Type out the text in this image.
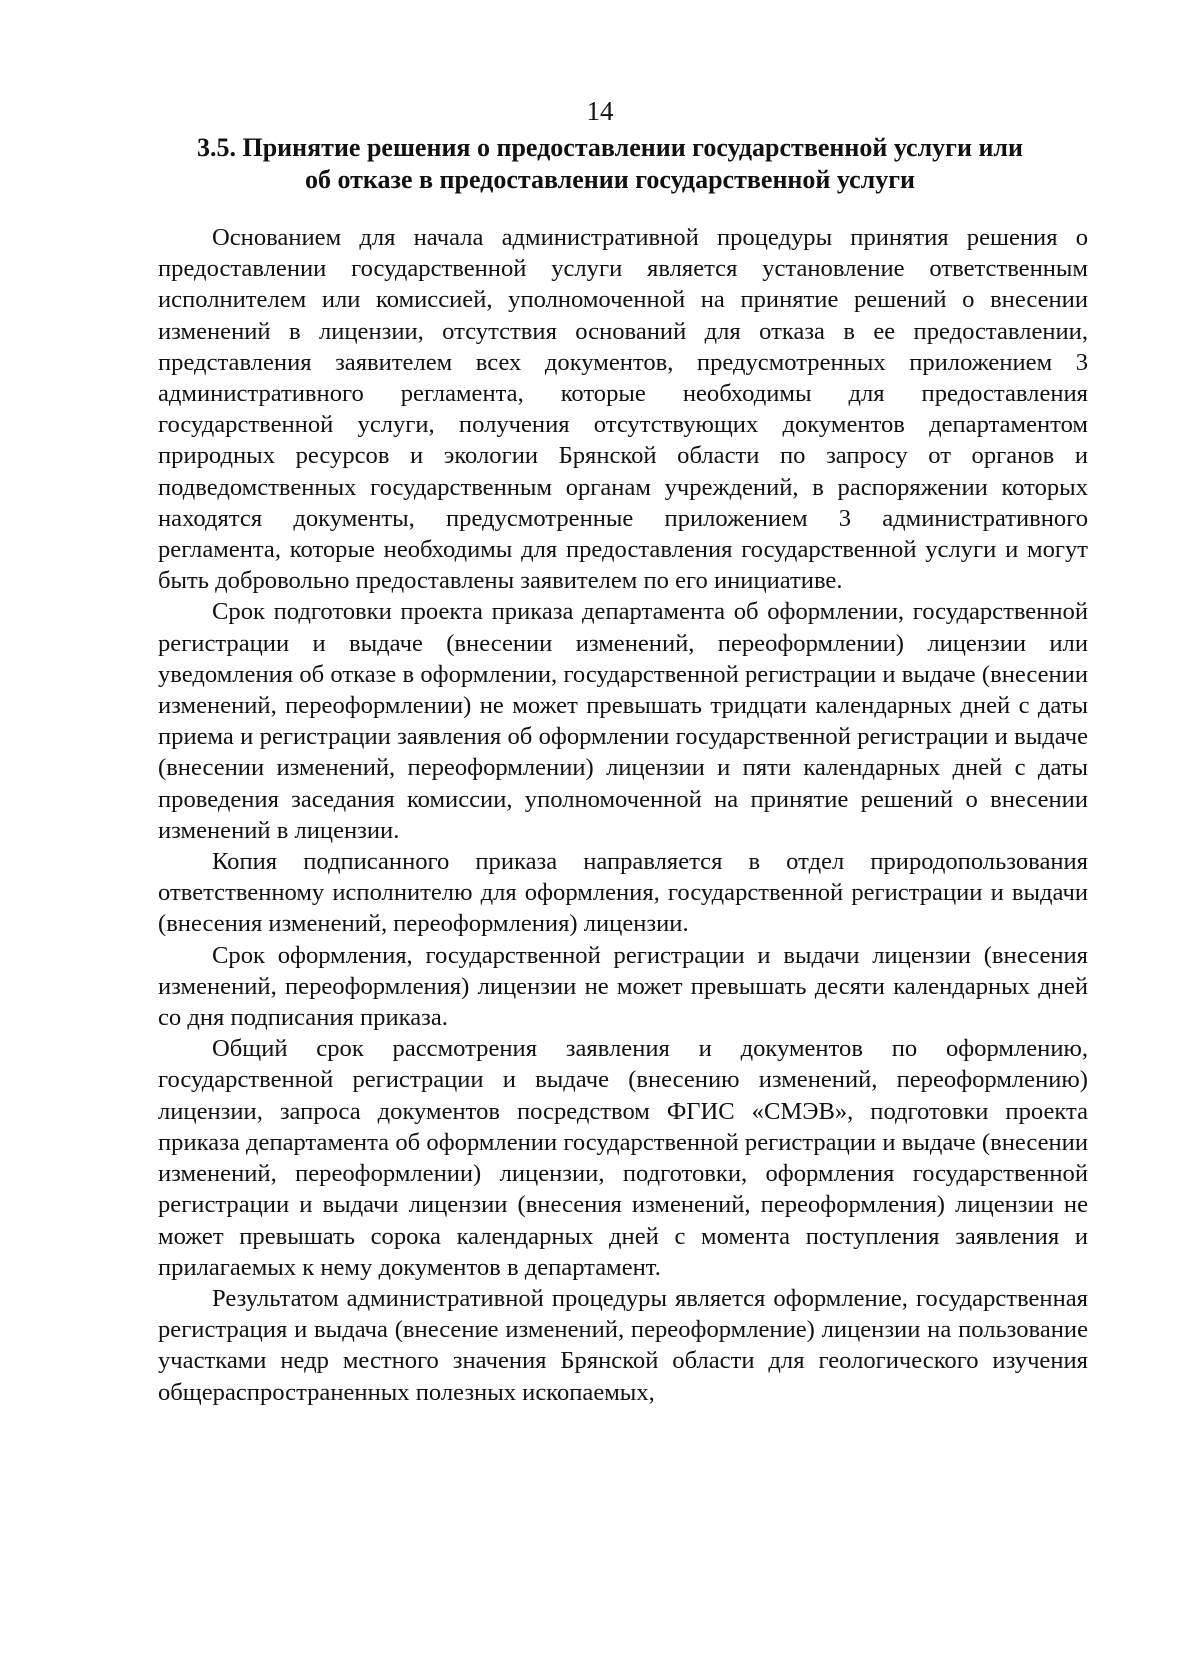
14
3.5. Принятие решения о предоставлении государственной услуги или
об отказе в предоставлении государственной услуги

Основанием для начала административной процедуры принятия решения о предоставлении государственной услуги является установление ответственным исполнителем или комиссией, уполномоченной на принятие решений о внесении изменений в лицензии, отсутствия оснований для отказа в ее предоставлении, представления заявителем всех документов, предусмотренных приложением 3 административного регламента, которые необходимы для предоставления государственной услуги, получения отсутствующих документов департаментом природных ресурсов и экологии Брянской области по запросу от органов и подведомственных государственным органам учреждений, в распоряжении которых находятся документы, предусмотренные приложением 3 административного регламента, которые необходимы для предоставления государственной услуги и могут быть добровольно предоставлены заявителем по его инициативе.

Срок подготовки проекта приказа департамента об оформлении, государственной регистрации и выдаче (внесении изменений, переоформлении) лицензии или уведомления об отказе в оформлении, государственной регистрации и выдаче (внесении изменений, переоформлении) не может превышать тридцати календарных дней с даты приема и регистрации заявления об оформлении государственной регистрации и выдаче (внесении изменений, переоформлении) лицензии и пяти календарных дней с даты проведения заседания комиссии, уполномоченной на принятие решений о внесении изменений в лицензии.

Копия подписанного приказа направляется в отдел природопользования ответственному исполнителю для оформления, государственной регистрации и выдачи (внесения изменений, переоформления) лицензии.

Срок оформления, государственной регистрации и выдачи лицензии (внесения изменений, переоформления) лицензии не может превышать десяти календарных дней со дня подписания приказа.

Общий срок рассмотрения заявления и документов по оформлению, государственной регистрации и выдаче (внесению изменений, переоформлению) лицензии, запроса документов посредством ФГИС «СМЭВ», подготовки проекта приказа департамента об оформлении государственной регистрации и выдаче (внесении изменений, переоформлении) лицензии, подготовки, оформления государственной регистрации и выдачи лицензии (внесения изменений, переоформления) лицензии не может превышать сорока календарных дней с момента поступления заявления и прилагаемых к нему документов в департамент.

Результатом административной процедуры является оформление, государственная регистрация и выдача (внесение изменений, переоформление) лицензии на пользование участками недр местного значения Брянской области для геологического изучения общераспространенных полезных ископаемых,
